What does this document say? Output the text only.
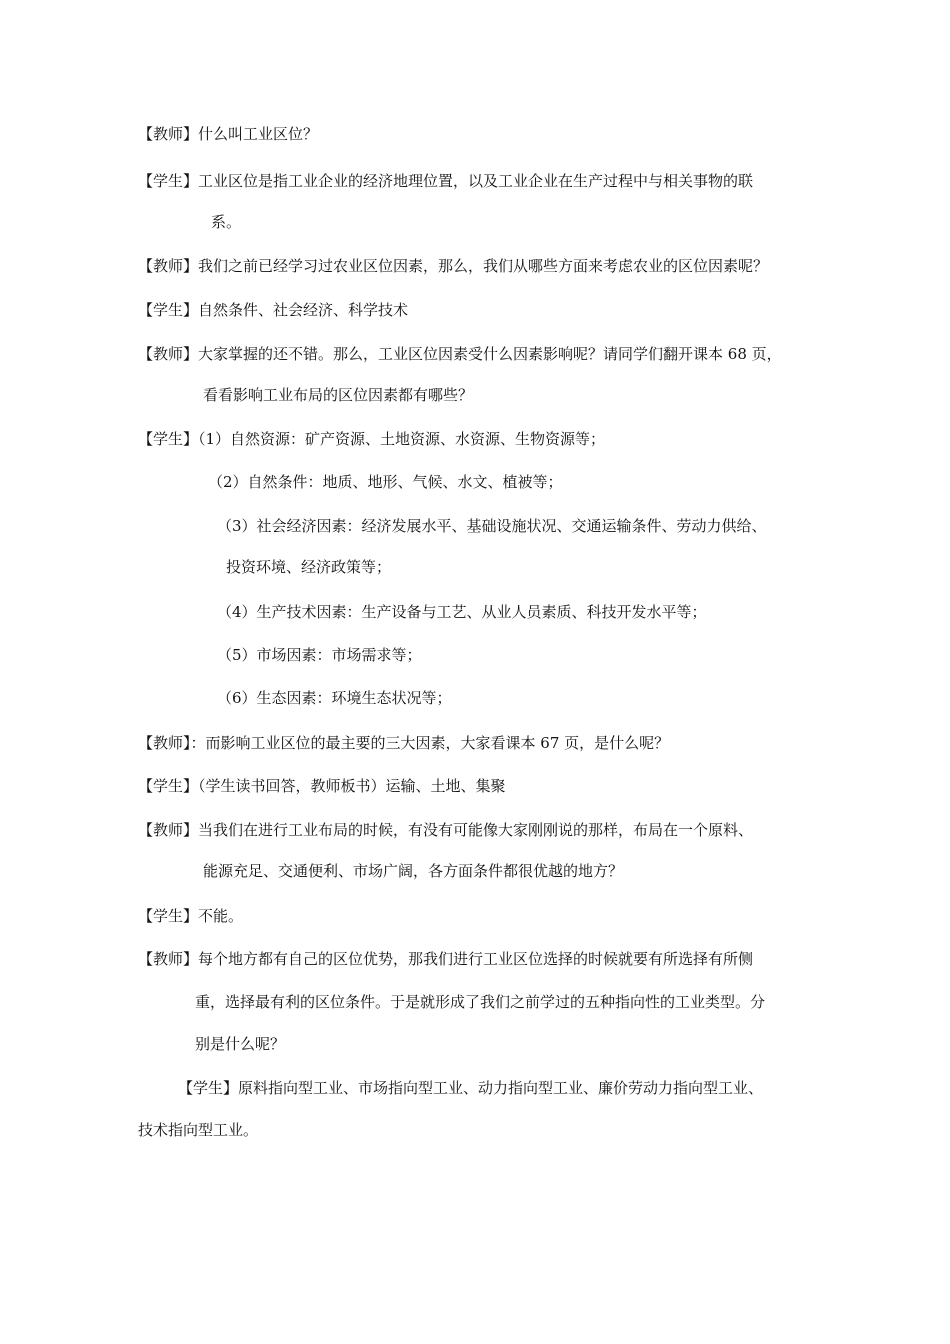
【教师】什么叫工业区位？
【学生】工业区位是指工业企业的经济地理位置，以及工业企业在生产过程中与相关事物的联
系。
【教师】我们之前已经学习过农业区位因素，那么，我们从哪些方面来考虑农业的区位因素呢？
【学生】自然条件、社会经济、科学技术
【教师】大家掌握的还不错。那么，工业区位因素受什么因素影响呢？请同学们翻开课本 68 页，
看看影响工业布局的区位因素都有哪些？
【学生】（1）自然资源：矿产资源、土地资源、水资源、生物资源等；
（2）自然条件：地质、地形、气候、水文、植被等；
（3）社会经济因素：经济发展水平、基础设施状况、交通运输条件、劳动力供给、
投资环境、经济政策等；
（4）生产技术因素：生产设备与工艺、从业人员素质、科技开发水平等；
（5）市场因素：市场需求等；
（6）生态因素：环境生态状况等；
【教师】：而影响工业区位的最主要的三大因素，大家看课本 67 页，是什么呢？
【学生】（学生读书回答，教师板书）运输、土地、集聚
【教师】当我们在进行工业布局的时候，有没有可能像大家刚刚说的那样，布局在一个原料、
能源充足、交通便利、市场广阔，各方面条件都很优越的地方？
【学生】不能。
【教师】每个地方都有自己的区位优势，那我们进行工业区位选择的时候就要有所选择有所侧
重，选择最有利的区位条件。于是就形成了我们之前学过的五种指向性的工业类型。分
别是什么呢？
【学生】原料指向型工业、市场指向型工业、动力指向型工业、廉价劳动力指向型工业、
技术指向型工业。
